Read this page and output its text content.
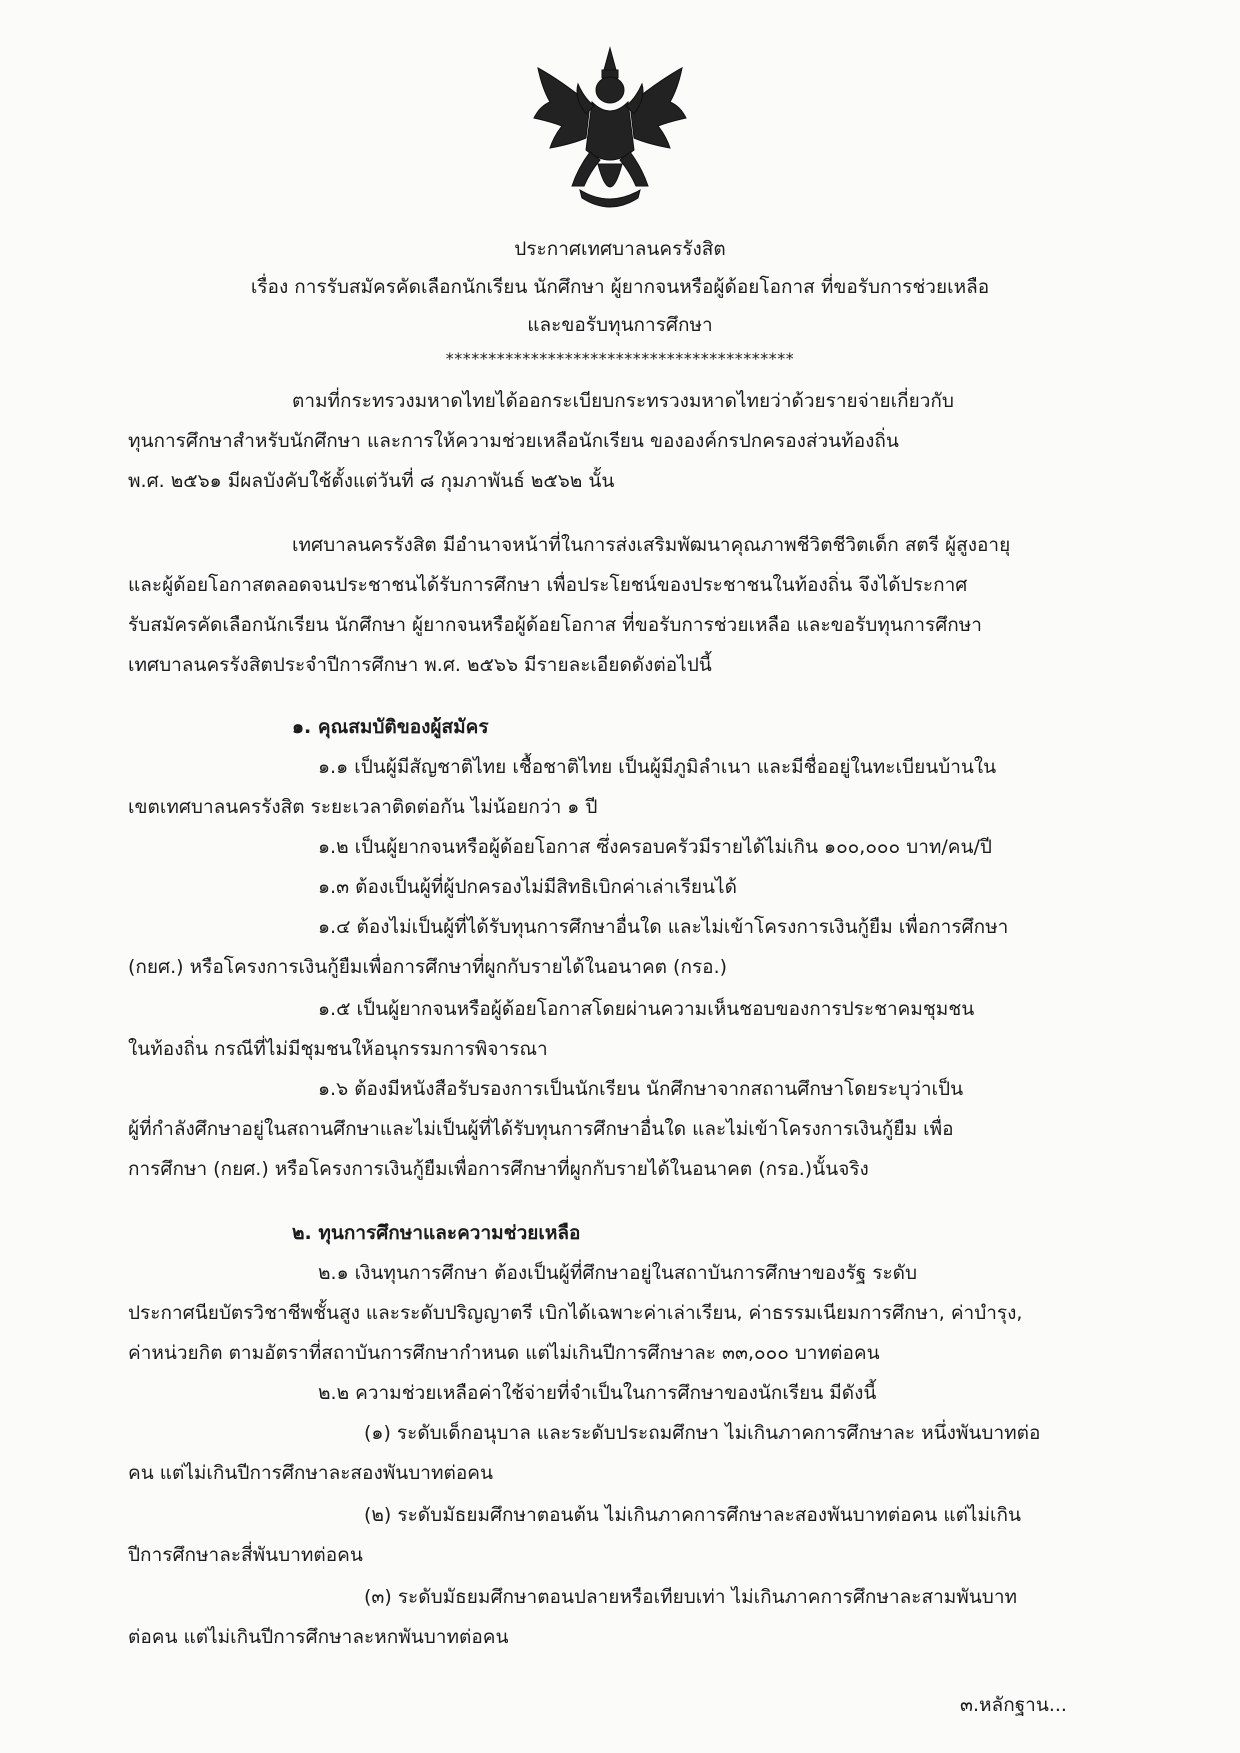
ประกาศเทศบาลนครรังสิต
เรื่อง การรับสมัครคัดเลือกนักเรียน นักศึกษา ผู้ยากจนหรือผู้ด้อยโอกาส ที่ขอรับการช่วยเหลือ
และขอรับทุนการศึกษา
*****************************************
ตามที่กระทรวงมหาดไทยได้ออกระเบียบกระทรวงมหาดไทยว่าด้วยรายจ่ายเกี่ยวกับ
ทุนการศึกษาสำหรับนักศึกษา และการให้ความช่วยเหลือนักเรียน ขององค์กรปกครองส่วนท้องถิ่น
พ.ศ. ๒๕๖๑ มีผลบังคับใช้ตั้งแต่วันที่ ๘ กุมภาพันธ์ ๒๕๖๒ นั้น
เทศบาลนครรังสิต มีอำนาจหน้าที่ในการส่งเสริมพัฒนาคุณภาพชีวิตชีวิตเด็ก สตรี ผู้สูงอายุ
และผู้ด้อยโอกาสตลอดจนประชาชนได้รับการศึกษา เพื่อประโยชน์ของประชาชนในท้องถิ่น จึงได้ประกาศ
รับสมัครคัดเลือกนักเรียน นักศึกษา ผู้ยากจนหรือผู้ด้อยโอกาส ที่ขอรับการช่วยเหลือ และขอรับทุนการศึกษา
เทศบาลนครรังสิตประจำปีการศึกษา พ.ศ. ๒๕๖๖ มีรายละเอียดดังต่อไปนี้
๑. คุณสมบัติของผู้สมัคร
๑.๑ เป็นผู้มีสัญชาติไทย เชื้อชาติไทย เป็นผู้มีภูมิลำเนา และมีชื่ออยู่ในทะเบียนบ้านใน
เขตเทศบาลนครรังสิต ระยะเวลาติดต่อกัน ไม่น้อยกว่า ๑ ปี
๑.๒ เป็นผู้ยากจนหรือผู้ด้อยโอกาส ซึ่งครอบครัวมีรายได้ไม่เกิน ๑๐๐,๐๐๐ บาท/คน/ปี
๑.๓ ต้องเป็นผู้ที่ผู้ปกครองไม่มีสิทธิเบิกค่าเล่าเรียนได้
๑.๔ ต้องไม่เป็นผู้ที่ได้รับทุนการศึกษาอื่นใด และไม่เข้าโครงการเงินกู้ยืม เพื่อการศึกษา
(กยศ.) หรือโครงการเงินกู้ยืมเพื่อการศึกษาที่ผูกกับรายได้ในอนาคต (กรอ.)
๑.๕ เป็นผู้ยากจนหรือผู้ด้อยโอกาสโดยผ่านความเห็นชอบของการประชาคมชุมชน
ในท้องถิ่น กรณีที่ไม่มีชุมชนให้อนุกรรมการพิจารณา
๑.๖ ต้องมีหนังสือรับรองการเป็นนักเรียน นักศึกษาจากสถานศึกษาโดยระบุว่าเป็น
ผู้ที่กำลังศึกษาอยู่ในสถานศึกษาและไม่เป็นผู้ที่ได้รับทุนการศึกษาอื่นใด และไม่เข้าโครงการเงินกู้ยืม เพื่อ
การศึกษา (กยศ.) หรือโครงการเงินกู้ยืมเพื่อการศึกษาที่ผูกกับรายได้ในอนาคต (กรอ.)นั้นจริง
๒. ทุนการศึกษาและความช่วยเหลือ
๒.๑ เงินทุนการศึกษา ต้องเป็นผู้ที่ศึกษาอยู่ในสถาบันการศึกษาของรัฐ ระดับ
ประกาศนียบัตรวิชาชีพชั้นสูง และระดับปริญญาตรี เบิกได้เฉพาะค่าเล่าเรียน, ค่าธรรมเนียมการศึกษา, ค่าบำรุง,
ค่าหน่วยกิต ตามอัตราที่สถาบันการศึกษากำหนด แต่ไม่เกินปีการศึกษาละ ๓๓,๐๐๐ บาทต่อคน
๒.๒ ความช่วยเหลือค่าใช้จ่ายที่จำเป็นในการศึกษาของนักเรียน มีดังนี้
(๑) ระดับเด็กอนุบาล และระดับประถมศึกษา ไม่เกินภาคการศึกษาละ หนึ่งพันบาทต่อ
คน แต่ไม่เกินปีการศึกษาละสองพันบาทต่อคน
(๒) ระดับมัธยมศึกษาตอนต้น ไม่เกินภาคการศึกษาละสองพันบาทต่อคน แต่ไม่เกิน
ปีการศึกษาละสี่พันบาทต่อคน
(๓) ระดับมัธยมศึกษาตอนปลายหรือเทียบเท่า ไม่เกินภาคการศึกษาละสามพันบาท
ต่อคน แต่ไม่เกินปีการศึกษาละหกพันบาทต่อคน
๓.หลักฐาน...
